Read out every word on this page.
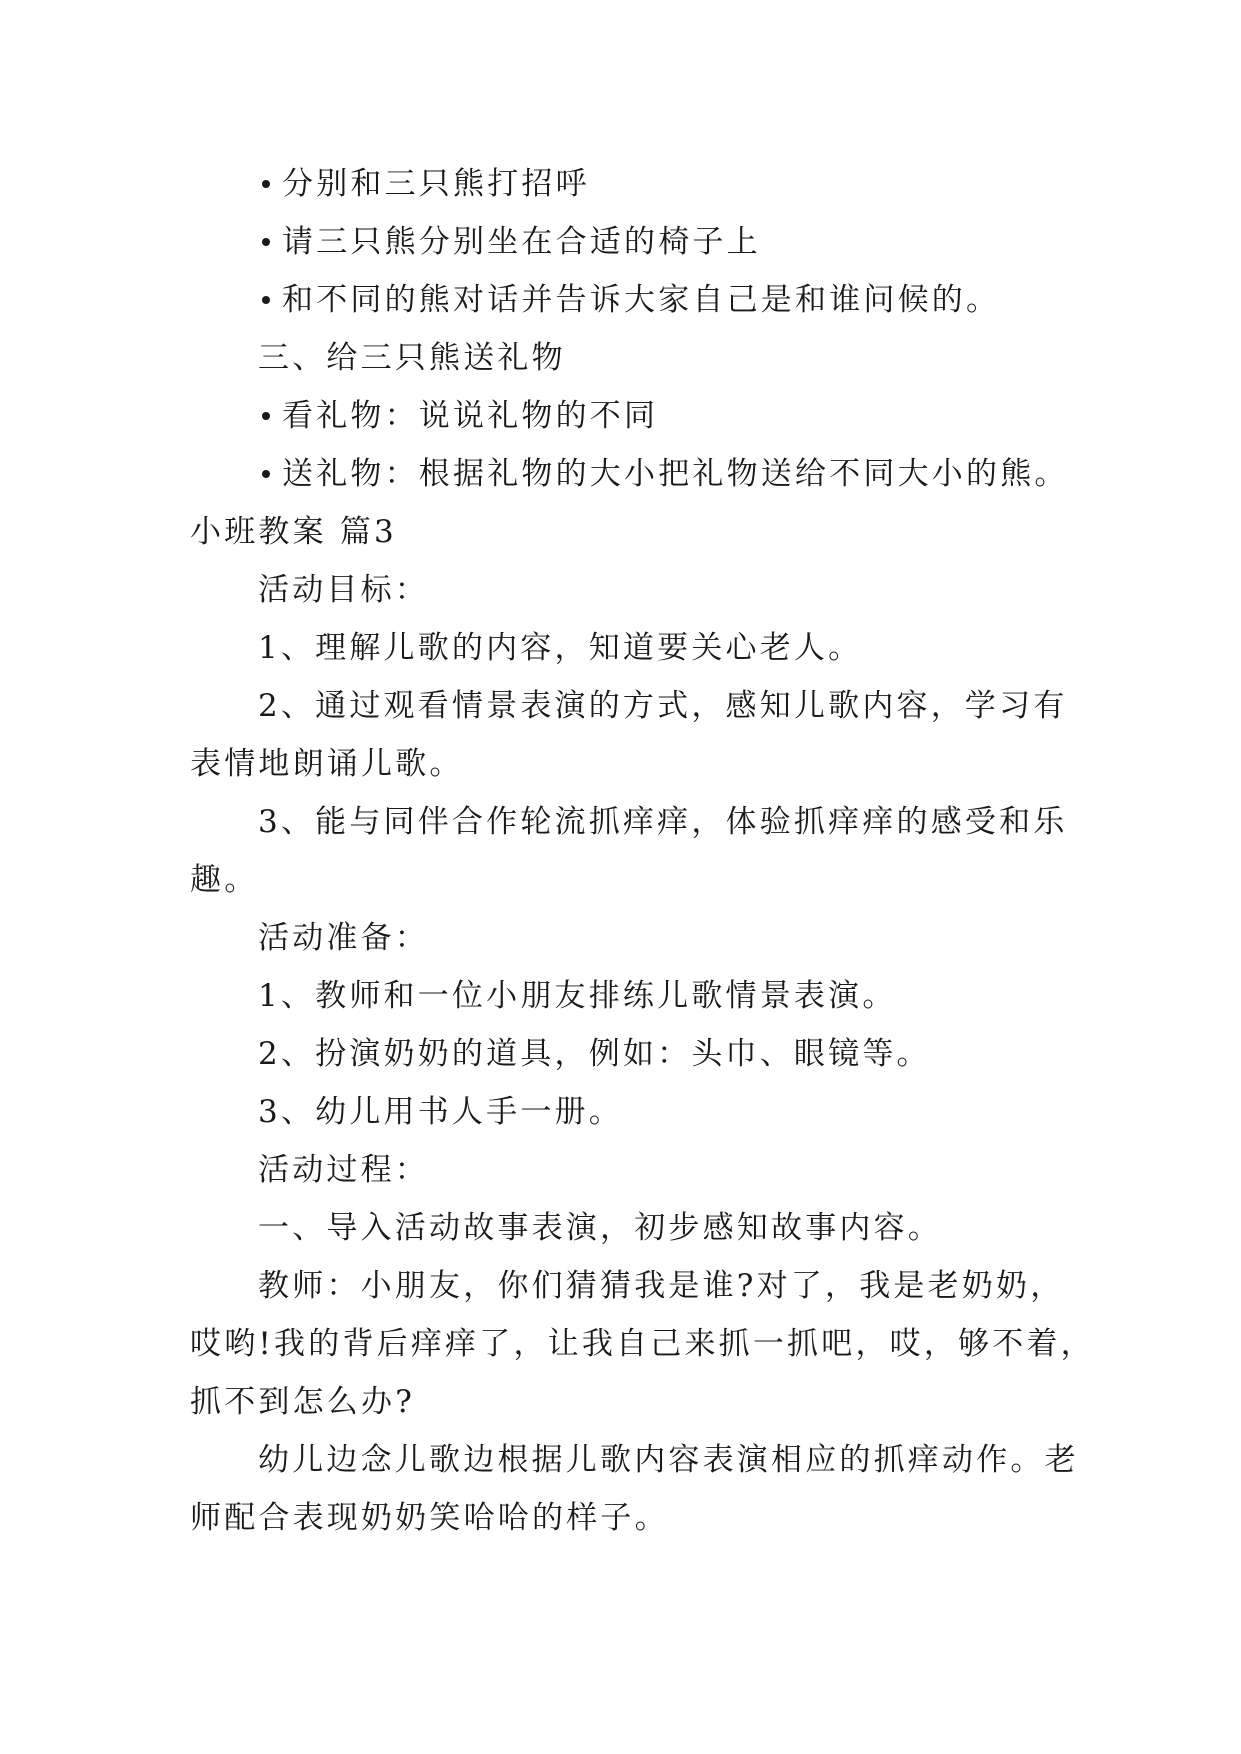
分别和三只熊打招呼
请三只熊分别坐在合适的椅子上
和不同的熊对话并告诉大家自己是和谁问候的。
三、给三只熊送礼物
看礼物：说说礼物的不同
送礼物：根据礼物的大小把礼物送给不同大小的熊。
小班教案 篇3
活动目标：
1、理解儿歌的内容，知道要关心老人。
2、通过观看情景表演的方式，感知儿歌内容，学习有
表情地朗诵儿歌。
3、能与同伴合作轮流抓痒痒，体验抓痒痒的感受和乐
趣。
活动准备：
1、教师和一位小朋友排练儿歌情景表演。
2、扮演奶奶的道具，例如：头巾、眼镜等。
3、幼儿用书人手一册。
活动过程：
一、导入活动故事表演，初步感知故事内容。
教师：小朋友，你们猜猜我是谁?对了，我是老奶奶，
哎哟!我的背后痒痒了，让我自己来抓一抓吧，哎，够不着，
抓不到怎么办?
幼儿边念儿歌边根据儿歌内容表演相应的抓痒动作。老
师配合表现奶奶笑哈哈的样子。
